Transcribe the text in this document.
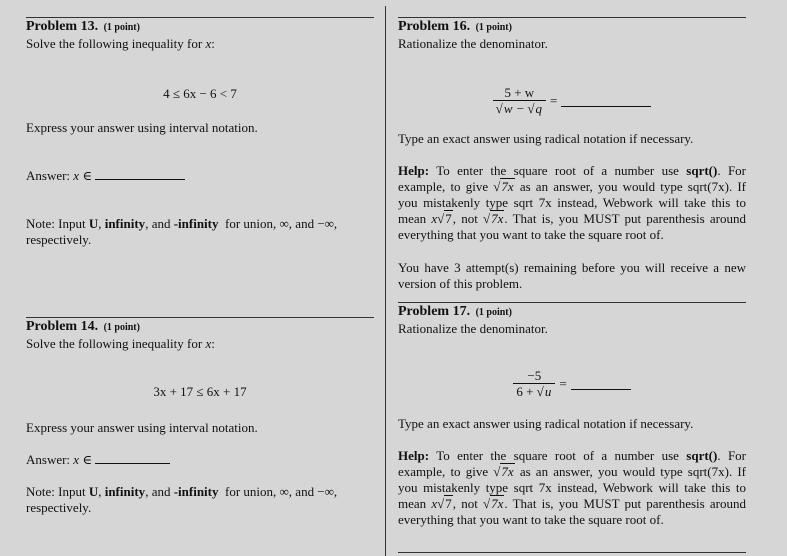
Problem 13. (1 point)

Solve the following inequality for x:

4 ≤ 6x − 6 < 7

Express your answer using interval notation.

Answer: x ∈

Note: Input U, infinity, and -infinity for union, ∞, and −∞,
respectively.

Problem 14. (1 point)

Solve the following inequality for x:

3x + 17 ≤ 6x + 17

Express your answer using interval notation.

Answer: x ∈

Note: Input U, infinity, and -infinity for union, ∞, and −∞,
respectively.

Problem 16. (1 point)

Rationalize the denominator.

$\frac{5 + w}{√w - √q}$ =

Type an exact answer using radical notation if necessary.

Help: To enter the square root of a number use sqrt(). For example, to give √7x as an answer, you would type sqrt(7x). If you mistakenly type sqrt 7x instead, Webwork will take this to mean x√7, not √7x. That is, you MUST put parenthesis around everything that you want to take the square root of.

You have 3 attempt(s) remaining before you will receive a new version of this problem.

Problem 17. (1 point)

Rationalize the denominator.

$\frac{-5}{6 + √u}$ =

Type an exact answer using radical notation if necessary.

Help: To enter the square root of a number use sqrt(). For example, to give √7x as an answer, you would type sqrt(7x). If you mistakenly type sqrt 7x instead, Webwork will take this to mean x√7, not √7x. That is, you MUST put parenthesis around everything that you want to take the square root of.
